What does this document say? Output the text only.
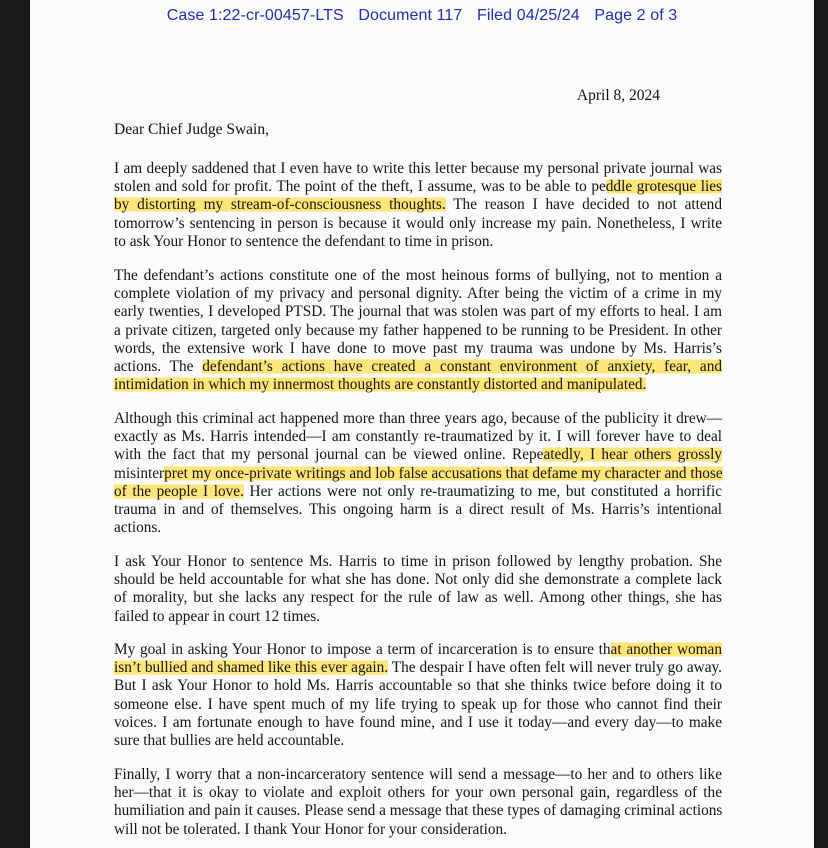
Case 1:22-cr-00457-LTS Document 117 Filed 04/25/24 Page 2 of 3
April 8, 2024
Dear Chief Judge Swain,
I am deeply saddened that I even have to write this letter because my personal private journal was
stolen and sold for profit. The point of the theft, I assume, was to be able to peddle grotesque lies
by distorting my stream-of-consciousness thoughts. The reason I have decided to not attend
tomorrow’s sentencing in person is because it would only increase my pain. Nonetheless, I write
to ask Your Honor to sentence the defendant to time in prison.
The defendant’s actions constitute one of the most heinous forms of bullying, not to mention a
complete violation of my privacy and personal dignity. After being the victim of a crime in my
early twenties, I developed PTSD. The journal that was stolen was part of my efforts to heal. I am
a private citizen, targeted only because my father happened to be running to be President. In other
words, the extensive work I have done to move past my trauma was undone by Ms. Harris’s
actions. The defendant’s actions have created a constant environment of anxiety, fear, and
intimidation in which my innermost thoughts are constantly distorted and manipulated.
Although this criminal act happened more than three years ago, because of the publicity it drew—
exactly as Ms. Harris intended—I am constantly re-traumatized by it. I will forever have to deal
with the fact that my personal journal can be viewed online. Repeatedly, I hear others grossly
misinterpret my once-private writings and lob false accusations that defame my character and those
of the people I love. Her actions were not only re-traumatizing to me, but constituted a horrific
trauma in and of themselves. This ongoing harm is a direct result of Ms. Harris’s intentional
actions.
I ask Your Honor to sentence Ms. Harris to time in prison followed by lengthy probation. She
should be held accountable for what she has done. Not only did she demonstrate a complete lack
of morality, but she lacks any respect for the rule of law as well. Among other things, she has
failed to appear in court 12 times.
My goal in asking Your Honor to impose a term of incarceration is to ensure that another woman
isn’t bullied and shamed like this ever again. The despair I have often felt will never truly go away.
But I ask Your Honor to hold Ms. Harris accountable so that she thinks twice before doing it to
someone else. I have spent much of my life trying to speak up for those who cannot find their
voices. I am fortunate enough to have found mine, and I use it today—and every day—to make
sure that bullies are held accountable.
Finally, I worry that a non-incarceratory sentence will send a message—to her and to others like
her—that it is okay to violate and exploit others for your own personal gain, regardless of the
humiliation and pain it causes. Please send a message that these types of damaging criminal actions
will not be tolerated. I thank Your Honor for your consideration.
